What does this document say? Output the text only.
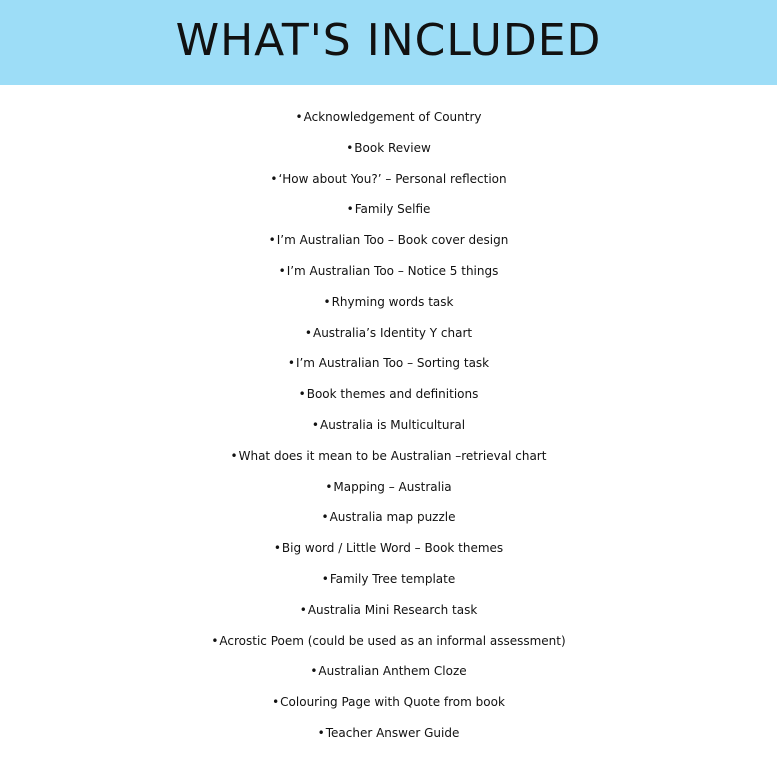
WHAT'S INCLUDED
•Acknowledgement of Country
•Book Review
•‘How about You?’ – Personal reflection
•Family Selfie
•I’m Australian Too – Book cover design
•I’m Australian Too – Notice 5 things
•Rhyming words task
•Australia’s Identity Y chart
•I’m Australian Too – Sorting task
•Book themes and definitions
•Australia is Multicultural
•What does it mean to be Australian –retrieval chart
•Mapping – Australia
•Australia map puzzle
•Big word / Little Word – Book themes
•Family Tree template
•Australia Mini Research task
•Acrostic Poem (could be used as an informal assessment)
•Australian Anthem Cloze
•Colouring Page with Quote from book
•Teacher Answer Guide
